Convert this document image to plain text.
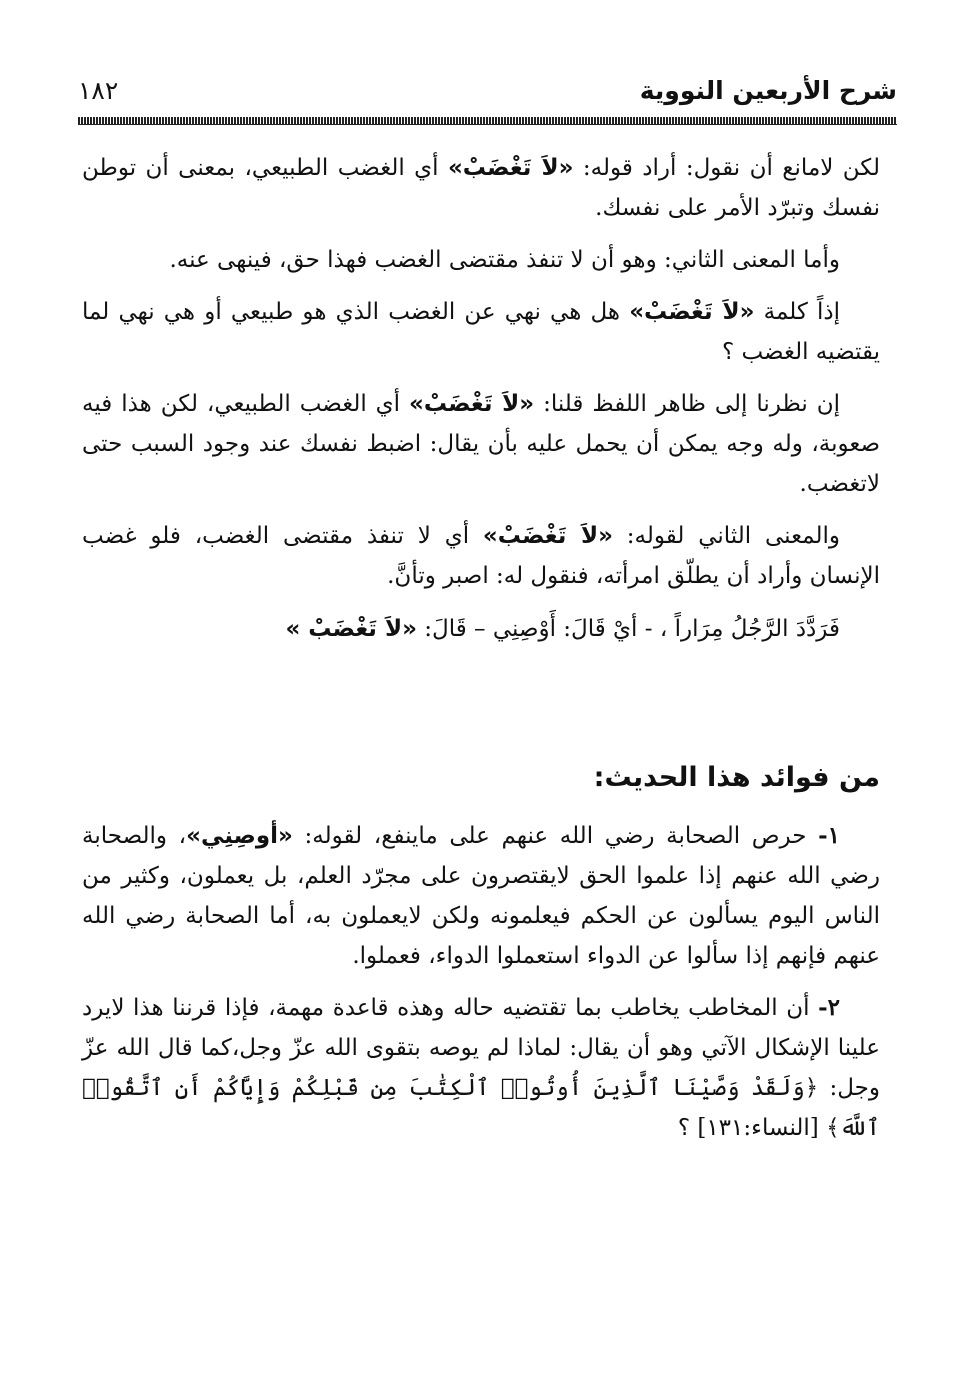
شرح الأربعين النووية
١٨٢

لكن لامانع أن نقول: أراد قوله: «لاَ تَغْضَبْ» أي الغضب الطبيعي، بمعنى أن توطن نفسك وتبرّد الأمر على نفسك.

وأما المعنى الثاني: وهو أن لا تنفذ مقتضى الغضب فهذا حق، فينهى عنه.

إذاً كلمة «لاَ تَغْضَبْ» هل هي نهي عن الغضب الذي هو طبيعي أو هي نهي لما يقتضيه الغضب ؟

إن نظرنا إلى ظاهر اللفظ قلنا: «لاَ تَغْضَبْ» أي الغضب الطبيعي، لكن هذا فيه صعوبة، وله وجه يمكن أن يحمل عليه بأن يقال: اضبط نفسك عند وجود السبب حتى لاتغضب.

والمعنى الثاني لقوله: «لاَ تَغْضَبْ» أي لا تنفذ مقتضى الغضب، فلو غضب الإنسان وأراد أن يطلّق امرأته، فنقول له: اصبر وتأنَّ.

فَرَدَّدَ الرَّجُلُ مِرَاراً ، - أيْ قَالَ: أَوْصِنِي – قَالَ: «لاَ تَغْضَبْ »

من فوائد هذا الحديث:

١- حرص الصحابة رضي الله عنهم على ماينفع، لقوله: «أوصِنِي»، والصحابة رضي الله عنهم إذا علموا الحق لايقتصرون على مجرّد العلم، بل يعملون، وكثير من الناس اليوم يسألون عن الحكم فيعلمونه ولكن لايعملون به، أما الصحابة رضي الله عنهم فإنهم إذا سألوا عن الدواء استعملوا الدواء، فعملوا.

٢- أن المخاطب يخاطب بما تقتضيه حاله وهذه قاعدة مهمة، فإذا قرننا هذا لايرد علينا الإشكال الآتي وهو أن يقال: لماذا لم يوصه بتقوى الله عزّ وجل،كما قال الله عزّ وجل: ﴿وَلَقَدْ وَصَّيْنَا ٱلَّذِينَ أُوتُوا۟ ٱلْكِتَٰبَ مِن قَبْلِكُمْ وَإِيَّاكُمْ أَنِ ٱتَّقُوا۟ ٱللَّهَ﴾ [النساء:١٣١] ؟
